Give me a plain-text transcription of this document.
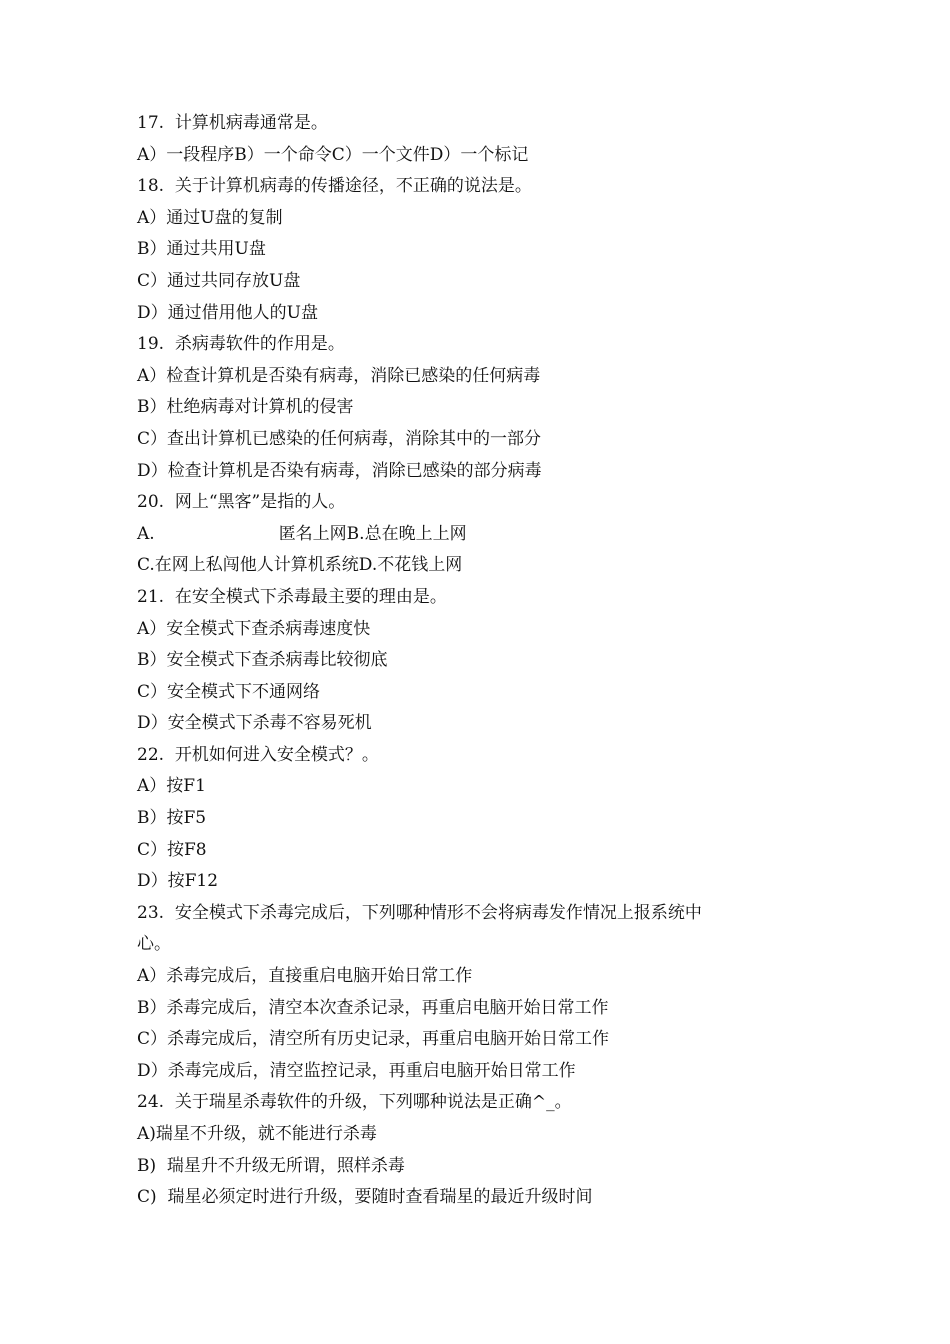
17.  计算机病毒通常是。
A）一段程序B）一个命令C）一个文件D）一个标记
18.  关于计算机病毒的传播途径，不正确的说法是。
A）通过U盘的复制
B）通过共用U盘
C）通过共同存放U盘
D）通过借用他人的U盘
19.  杀病毒软件的作用是。
A）检查计算机是否染有病毒，消除已感染的任何病毒
B）杜绝病毒对计算机的侵害
C）查出计算机已感染的任何病毒，消除其中的一部分
D）检查计算机是否染有病毒，消除已感染的部分病毒
20.  网上“黑客”是指的人。
A.	匿名上网B.总在晚上上网
C.在网上私闯他人计算机系统D.不花钱上网
21.  在安全模式下杀毒最主要的理由是。
A）安全模式下查杀病毒速度快
B）安全模式下查杀病毒比较彻底
C）安全模式下不通网络
D）安全模式下杀毒不容易死机
22.  开机如何进入安全模式？。
A）按F1
B）按F5
C）按F8
D）按F12
23.  安全模式下杀毒完成后，下列哪种情形不会将病毒发作情况上报系统中
心。
A）杀毒完成后，直接重启电脑开始日常工作
B）杀毒完成后，清空本次查杀记录，再重启电脑开始日常工作
C）杀毒完成后，清空所有历史记录，再重启电脑开始日常工作
D）杀毒完成后，清空监控记录，再重启电脑开始日常工作
24.  关于瑞星杀毒软件的升级，下列哪种说法是正确^_。
A)瑞星不升级，就不能进行杀毒
B)  瑞星升不升级无所谓，照样杀毒
C)  瑞星必须定时进行升级，要随时查看瑞星的最近升级时间
